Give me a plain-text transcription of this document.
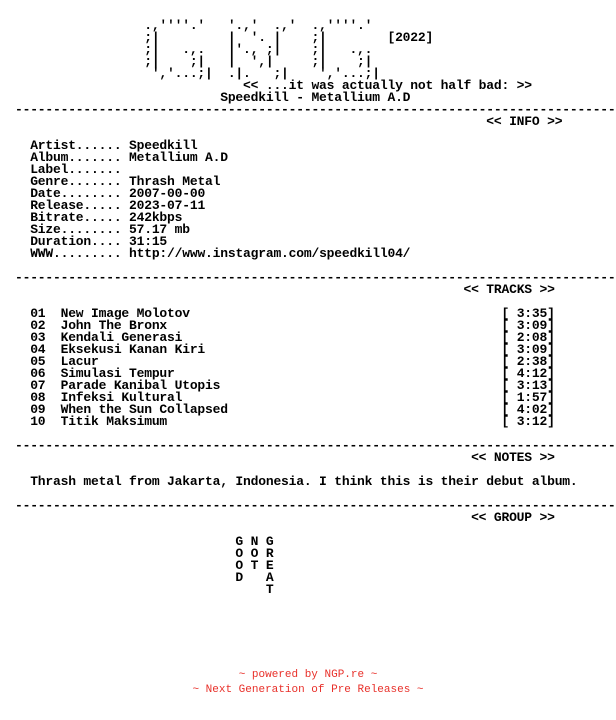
.,''''.'   '.,'  .,'  .,''''.'
;|         |  '. |    ;|        [2022]
;|   .,.   |'., ;|    ;|   .,.
;|    ;|   |  ',|     ;|    ;|
','...;|  .|.   ;|    ','...;|
<< ...it was actually not half bad: >>
Speedkill - Metallium A.D
-------------------------------------------------------------------------------
<< INFO >>

Artist...... Speedkill
Album....... Metallium A.D
Label.......
Genre....... Thrash Metal
Date........ 2007-00-00
Release..... 2023-07-11
Bitrate..... 242kbps
Size........ 57.17 mb
Duration.... 31:15
WWW......... http://www.instagram.com/speedkill04/

-------------------------------------------------------------------------------
<< TRACKS >>

01 New Image Molotov	[ 3:35]
02 John The Bronx	[ 3:09]
03 Kendali Generasi	[ 2:08]
04 Eksekusi Kanan Kiri	[ 3:09]
05 Lacur	[ 2:38]
06 Simulasi Tempur	[ 4:12]
07 Parade Kanibal Utopis	[ 3:13]
08 Infeksi Kultural	[ 1:57]
09 When the Sun Collapsed	[ 4:02]
10 Titik Maksimum	[ 3:12]

-------------------------------------------------------------------------------
<< NOTES >>

Thrash metal from Jakarta, Indonesia. I think this is their debut album.

-------------------------------------------------------------------------------
<< GROUP >>

G N G
O O R
O T E
D   A
T
~ powered by NGP.re ~
~ Next Generation of Pre Releases ~
